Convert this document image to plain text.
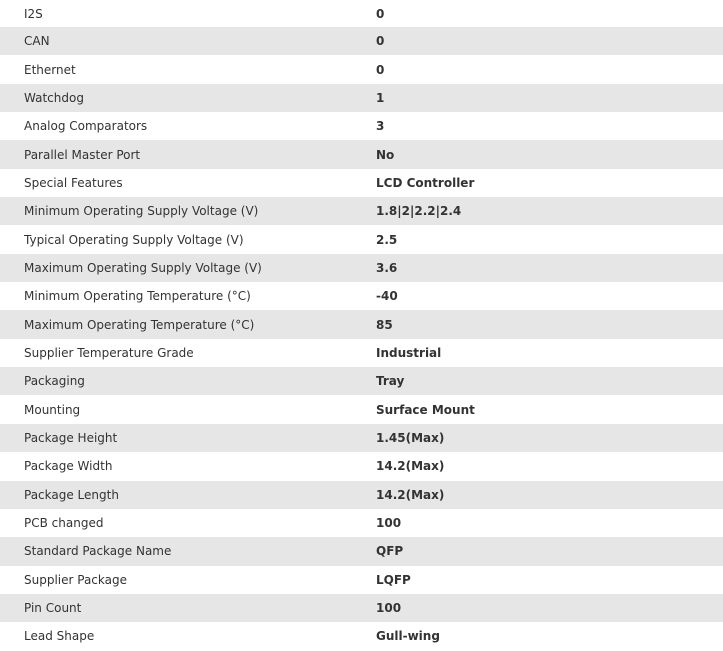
I2S	0
CAN	0
Ethernet	0
Watchdog	1
Analog Comparators	3
Parallel Master Port	No
Special Features	LCD Controller
Minimum Operating Supply Voltage (V)	1.8|2|2.2|2.4
Typical Operating Supply Voltage (V)	2.5
Maximum Operating Supply Voltage (V)	3.6
Minimum Operating Temperature (°C)	-40
Maximum Operating Temperature (°C)	85
Supplier Temperature Grade	Industrial
Packaging	Tray
Mounting	Surface Mount
Package Height	1.45(Max)
Package Width	14.2(Max)
Package Length	14.2(Max)
PCB changed	100
Standard Package Name	QFP
Supplier Package	LQFP
Pin Count	100
Lead Shape	Gull-wing
